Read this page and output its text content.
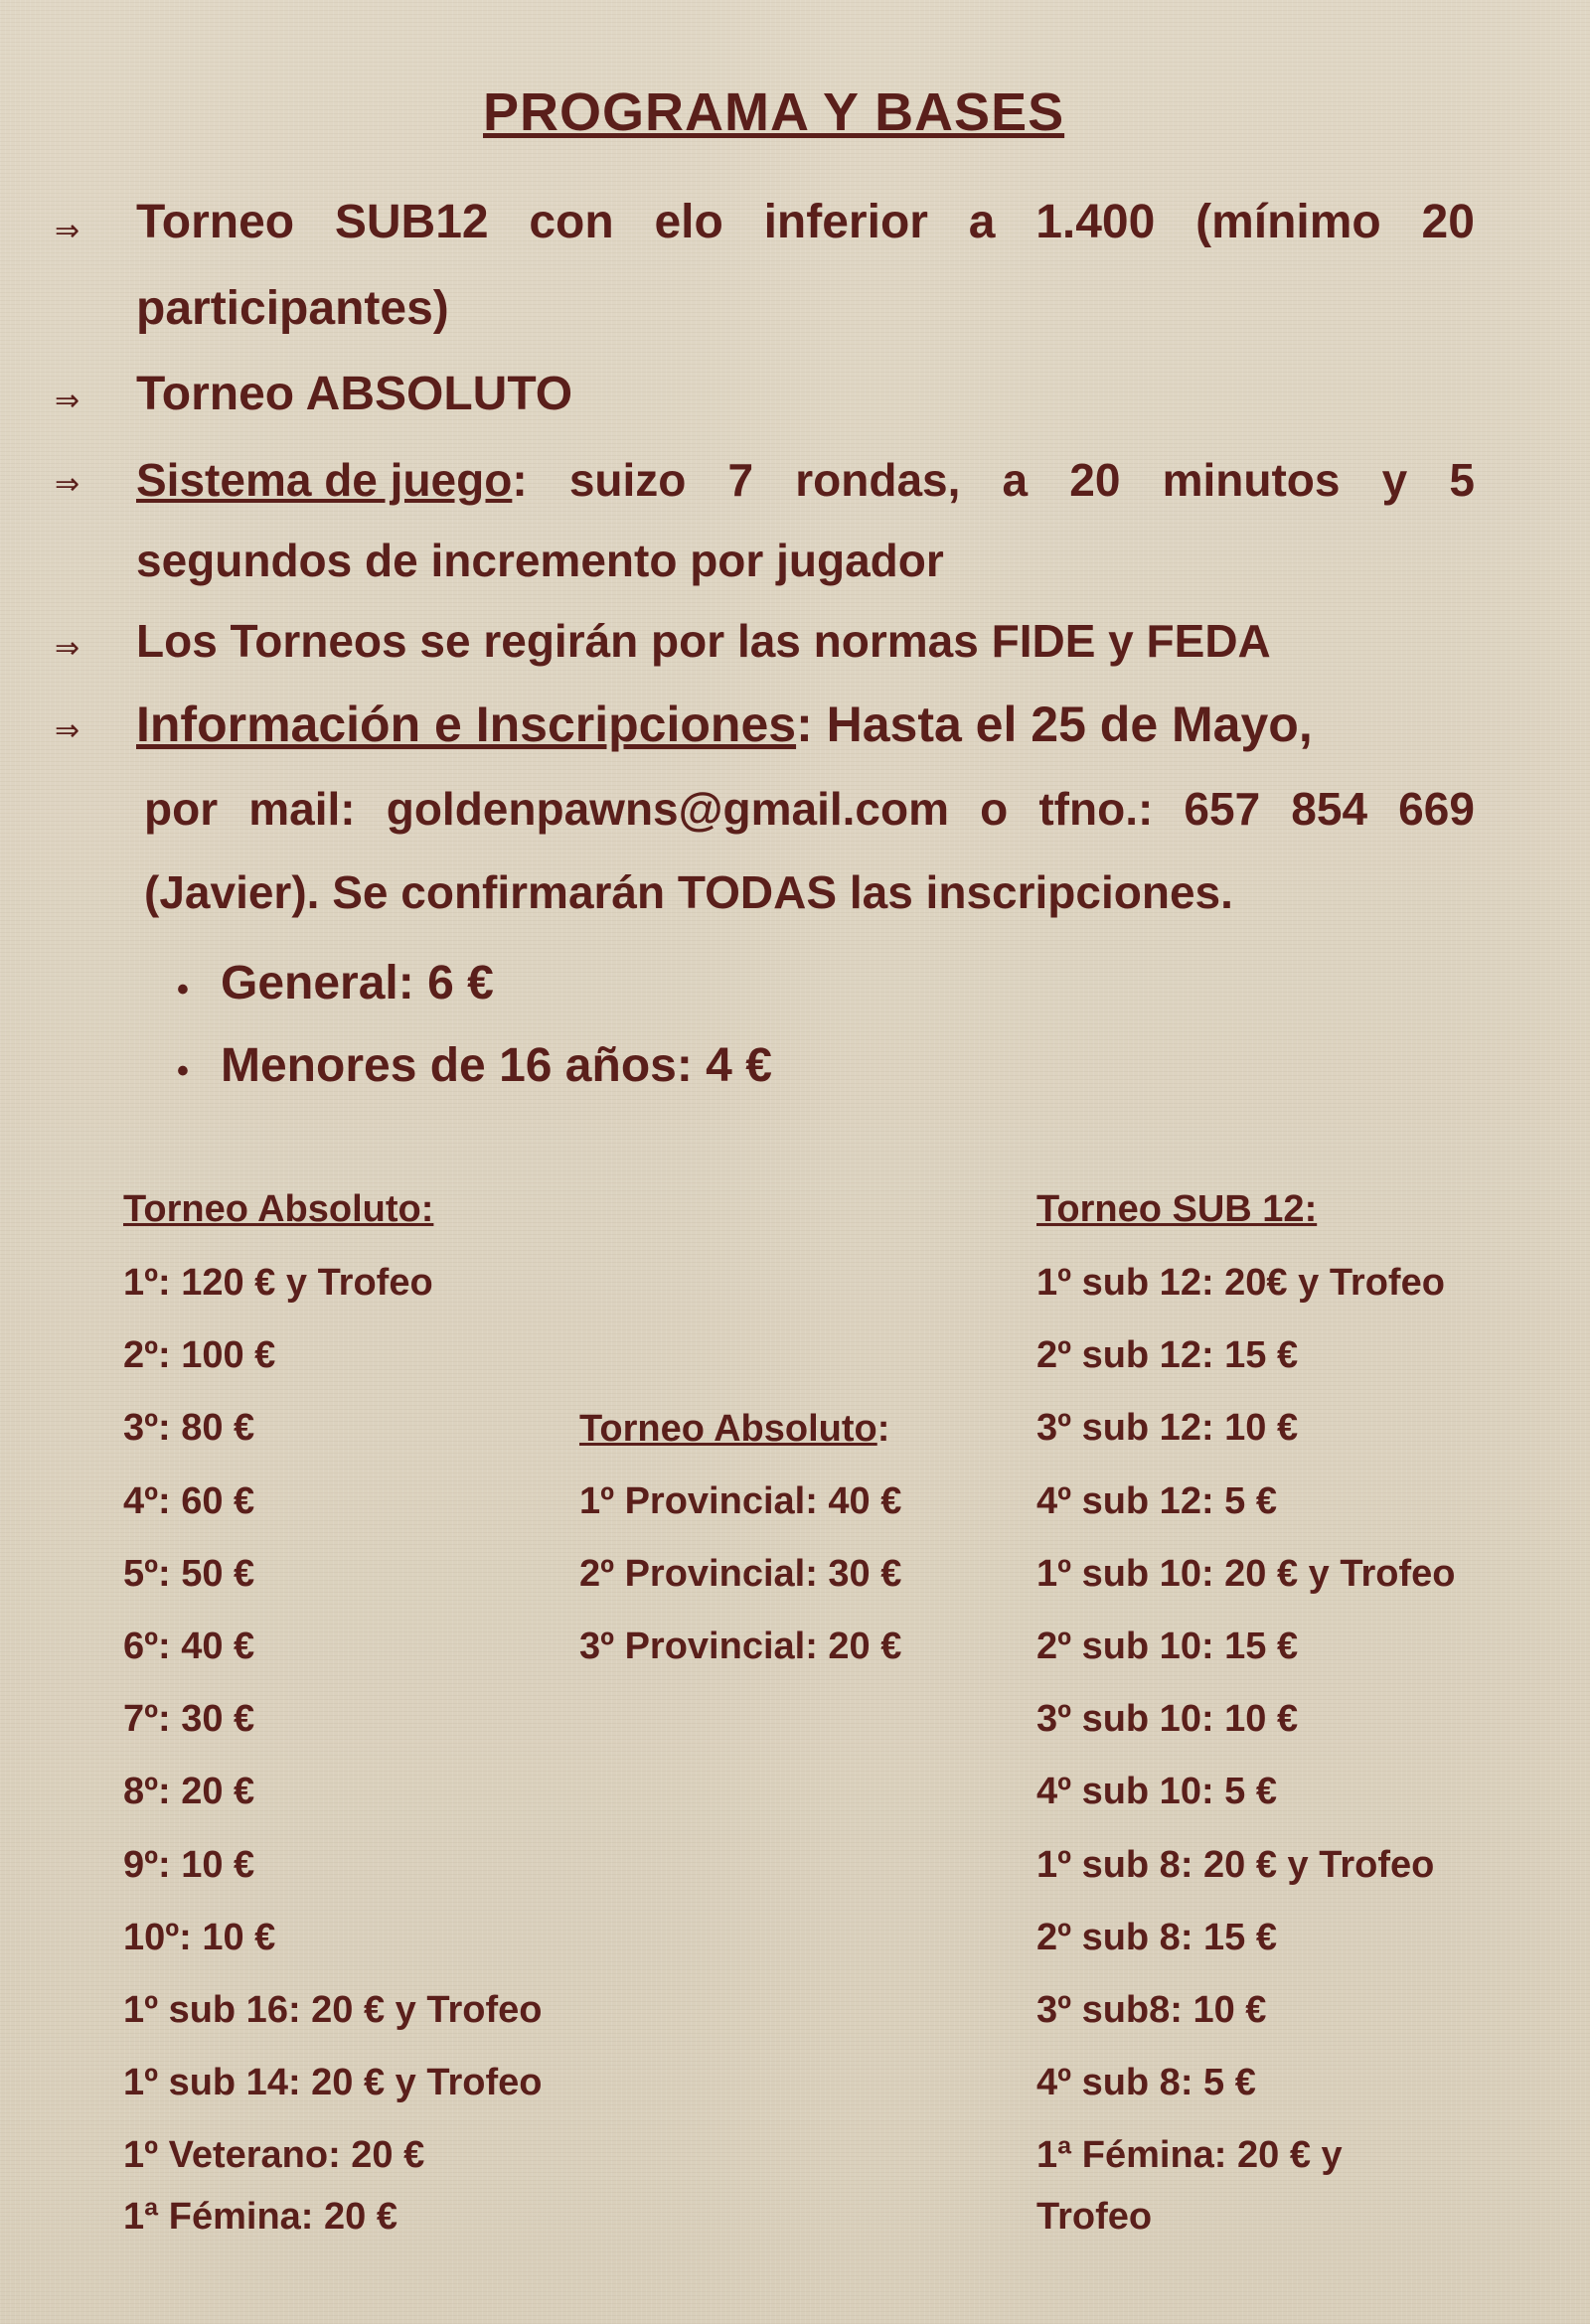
PROGRAMA Y BASES
⇒ Torneo SUB12 con elo inferior a 1.400 (mínimo 20
participantes)
⇒ Torneo ABSOLUTO
⇒ Sistema de juego: suizo 7 rondas, a 20 minutos y 5
segundos de incremento por jugador
⇒ Los Torneos se regirán por las normas FIDE y FEDA
⇒ Información e Inscripciones: Hasta el 25 de Mayo,
por mail: goldenpawns@gmail.com o tfno.: 657 854 669
(Javier). Se confirmarán TODAS las inscripciones.
• General: 6 €
• Menores de 16 años: 4 €
Torneo Absoluto:
1º: 120 € y Trofeo
2º: 100 €
3º: 80 €
4º: 60 €
5º: 50 €
6º: 40 €
7º: 30 €
8º: 20 €
9º: 10 €
10º: 10 €
1º sub 16: 20 € y Trofeo
1º sub 14: 20 € y Trofeo
1º Veterano: 20 €
1ª Fémina: 20 €
Torneo Absoluto:
1º Provincial: 40 €
2º Provincial: 30 €
3º Provincial: 20 €
Torneo SUB 12:
1º sub 12: 20€ y Trofeo
2º sub 12: 15 €
3º sub 12: 10 €
4º sub 12: 5 €
1º sub 10: 20 € y Trofeo
2º sub 10: 15 €
3º sub 10: 10 €
4º sub 10: 5 €
1º sub 8: 20 € y Trofeo
2º sub 8: 15 €
3º sub8: 10 €
4º sub 8: 5 €
1ª Fémina: 20 € y
Trofeo
